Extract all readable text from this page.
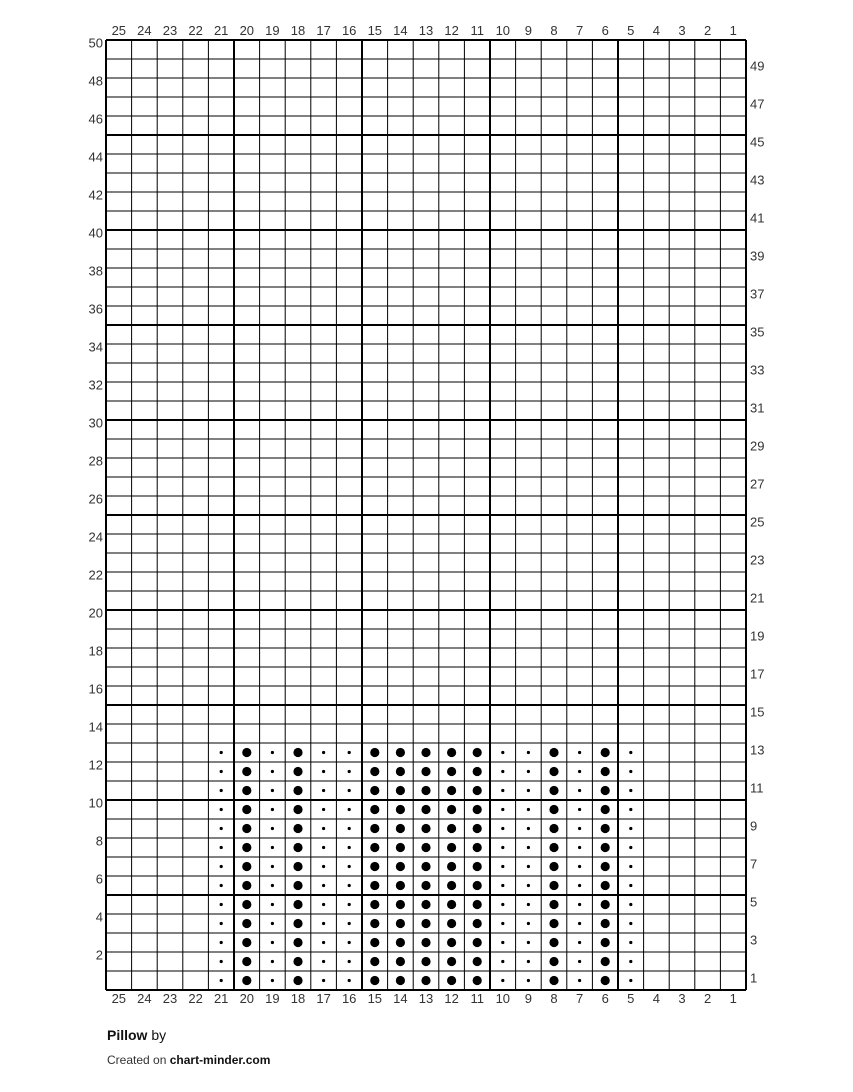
1
1
2
2
3
3
4
4
5
5
6
6
7
7
8
8
9
9
10
10
11
11
12
12
13
13
14
14
15
15
16
16
17
17
18
18
19
19
20
20
21
21
22
22
23
23
24
24
25
25
1
2
3
4
5
6
7
8
9
10
11
12
13
14
15
16
17
18
19
20
21
22
23
24
25
26
27
28
29
30
31
32
33
34
35
36
37
38
39
40
41
42
43
44
45
46
47
48
49
50
Pillow by
Created on chart-minder.com
